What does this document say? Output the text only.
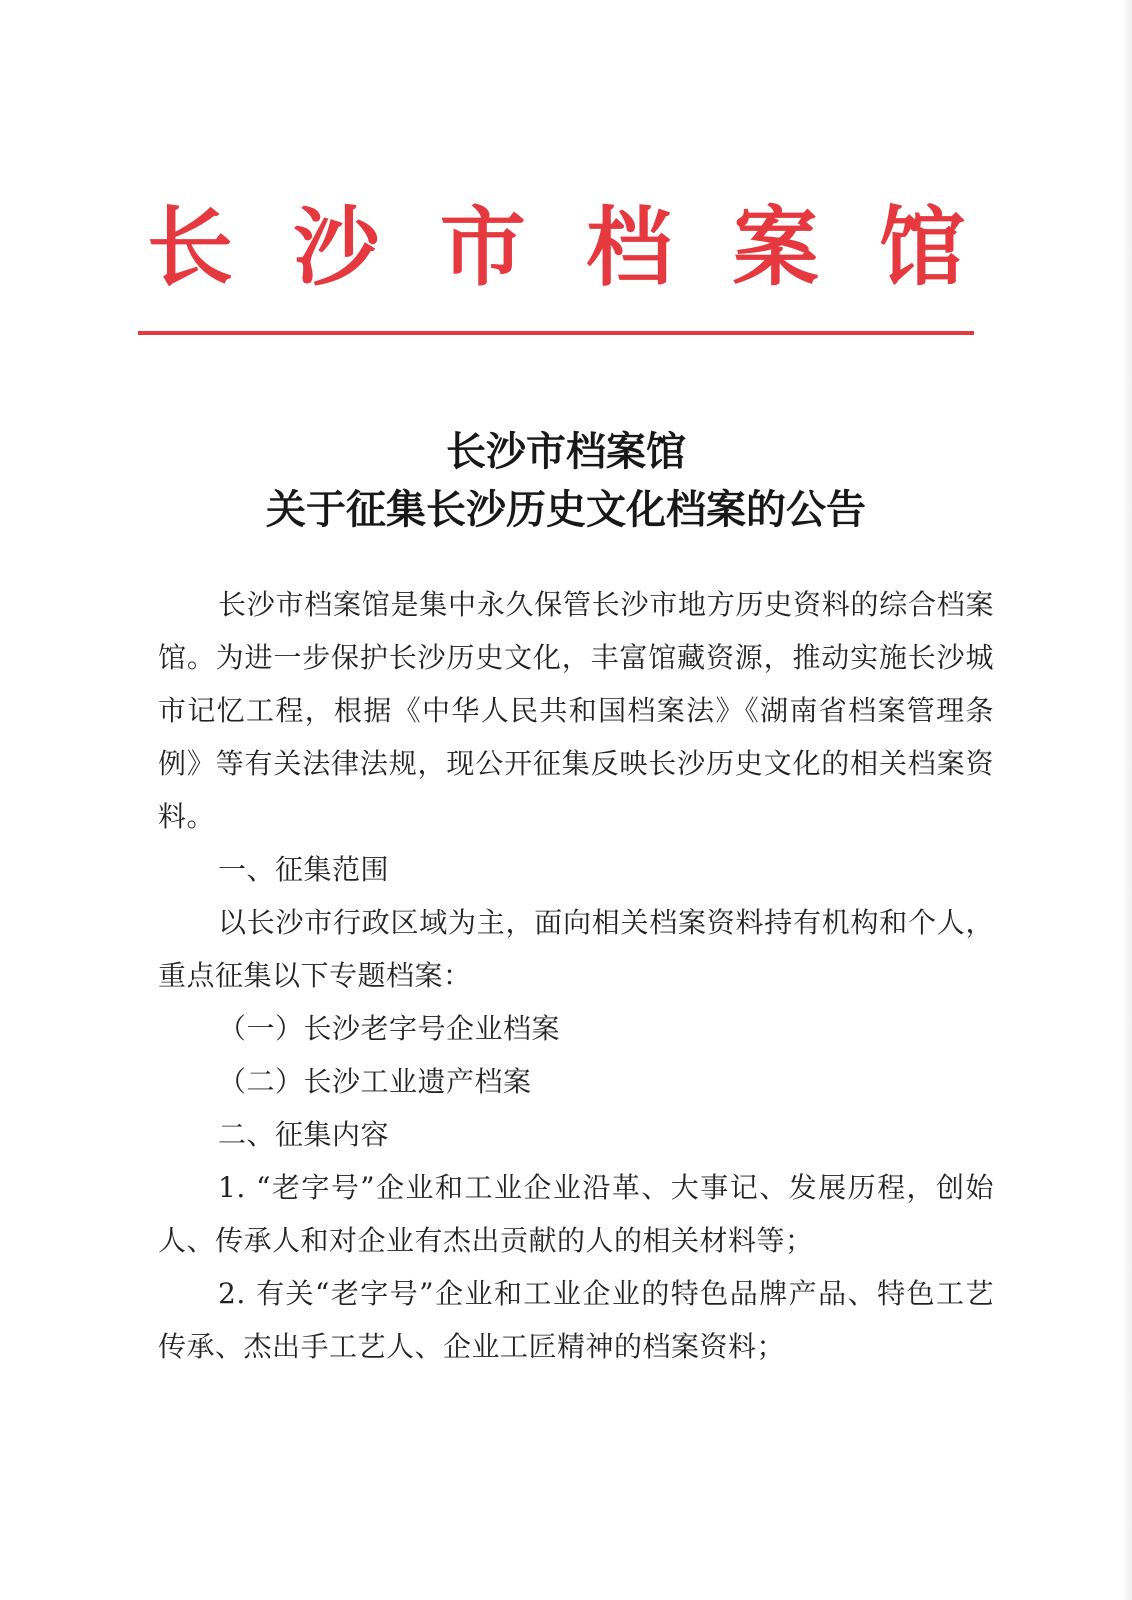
长 沙 市 档 案 馆
长沙市档案馆
关于征集长沙历史文化档案的公告

长沙市档案馆是集中永久保管长沙市地方历史资料的综合档案馆。为进一步保护长沙历史文化，丰富馆藏资源，推动实施长沙城市记忆工程，根据《中华人民共和国档案法》《湖南省档案管理条例》等有关法律法规，现公开征集反映长沙历史文化的相关档案资料。

一、征集范围

以长沙市行政区域为主，面向相关档案资料持有机构和个人，重点征集以下专题档案：

（一）长沙老字号企业档案

（二）长沙工业遗产档案

二、征集内容

1. “老字号”企业和工业企业沿革、大事记、发展历程，创始人、传承人和对企业有杰出贡献的人的相关材料等；

2. 有关“老字号”企业和工业企业的特色品牌产品、特色工艺传承、杰出手工艺人、企业工匠精神的档案资料；
